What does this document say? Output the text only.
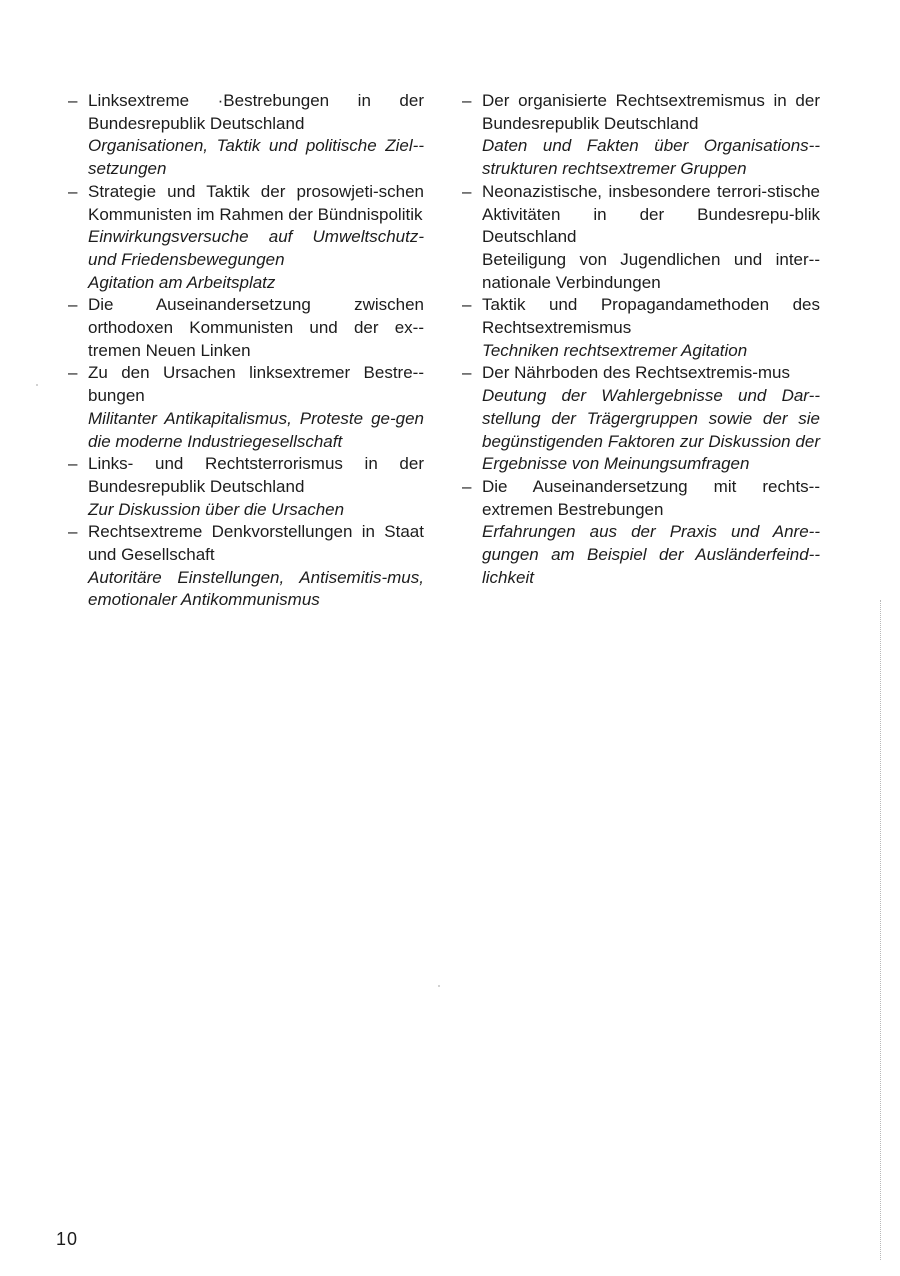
– Linksextreme ·Bestrebungen in der Bundesrepublik Deutschland
Organisationen, Taktik und politische Ziel-setzungen
– Strategie und Taktik der prosowjeti-schen Kommunisten im Rahmen der Bündnispolitik
Einwirkungsversuche auf Umweltschutz- und Friedensbewegungen
Agitation am Arbeitsplatz
– Die Auseinandersetzung zwischen orthodoxen Kommunisten und der ex-tremen Neuen Linken
– Zu den Ursachen linksextremer Bestre-bungen
Militanter Antikapitalismus, Proteste ge-gen die moderne Industriegesellschaft
– Links- und Rechtsterrorismus in der Bundesrepublik Deutschland
Zur Diskussion über die Ursachen
– Rechtsextreme Denkvorstellungen in Staat und Gesellschaft
Autoritäre Einstellungen, Antisemitis-mus, emotionaler Antikommunismus
– Der organisierte Rechtsextremismus in der Bundesrepublik Deutschland
Daten und Fakten über Organisations-strukturen rechtsextremer Gruppen
– Neonazistische, insbesondere terrori-stische Aktivitäten in der Bundesrepu-blik Deutschland
Beteiligung von Jugendlichen und inter-nationale Verbindungen
– Taktik und Propagandamethoden des Rechtsextremismus
Techniken rechtsextremer Agitation
– Der Nährboden des Rechtsextremis-mus
Deutung der Wahlergebnisse und Dar-stellung der Trägergruppen sowie der sie begünstigenden Faktoren zur Diskussion der Ergebnisse von Meinungsumfragen
– Die Auseinandersetzung mit rechts-extremen Bestrebungen
Erfahrungen aus der Praxis und Anre-gungen am Beispiel der Ausländerfeind-lichkeit
10
